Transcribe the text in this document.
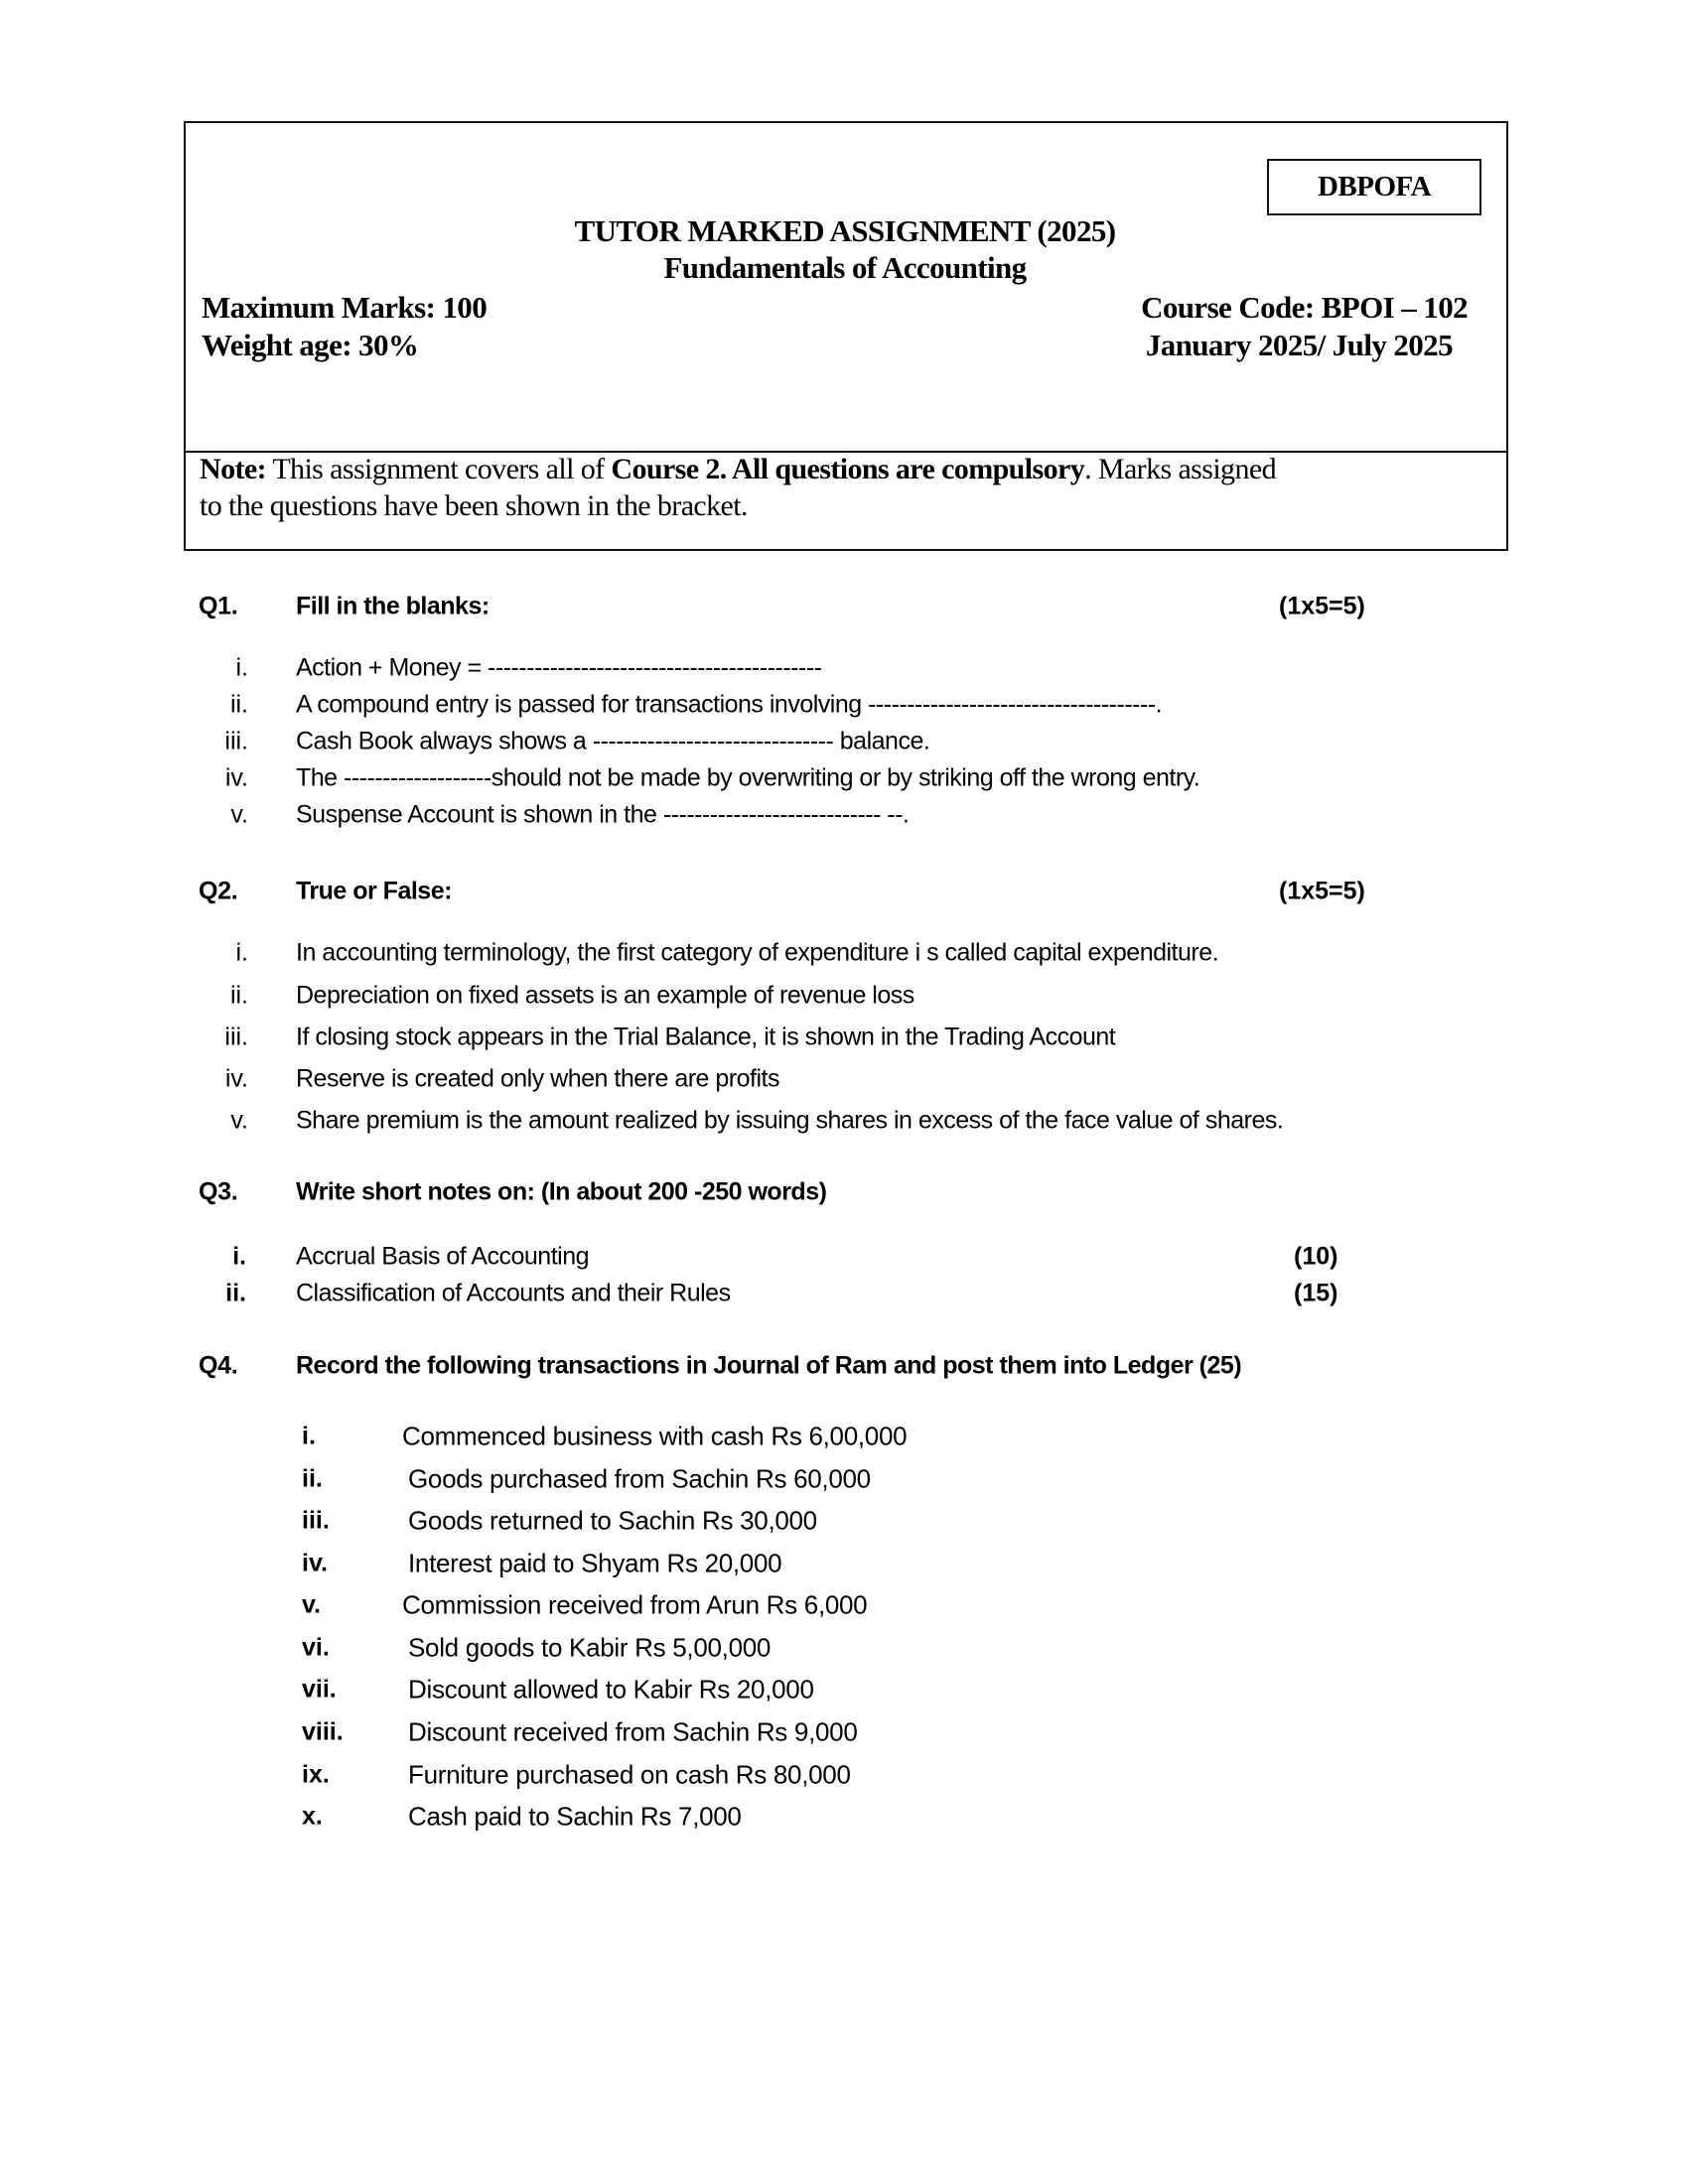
DBPOFA
TUTOR MARKED ASSIGNMENT (2025)
Fundamentals of Accounting
Maximum Marks: 100
Weight age: 30%
Course Code: BPOI – 102
January 2025/ July 2025
Note: This assignment covers all of Course 2. All questions are compulsory. Marks assigned
to the questions have been shown in the bracket.
Q1. Fill in the blanks:	(1x5=5)
i. Action + Money = -------------------------------------------
ii. A compound entry is passed for transactions involving -------------------------------------.
iii. Cash Book always shows a ------------------------------- balance.
iv. The -------------------should not be made by overwriting or by striking off the wrong entry.
v. Suspense Account is shown in the ---------------------------- --.
Q2. True or False:	(1x5=5)
i. In accounting terminology, the first category of expenditure i s called capital expenditure.
ii. Depreciation on fixed assets is an example of revenue loss
iii. If closing stock appears in the Trial Balance, it is shown in the Trading Account
iv. Reserve is created only when there are profits
v. Share premium is the amount realized by issuing shares in excess of the face value of shares.
Q3. Write short notes on: (In about 200 -250 words)
i. Accrual Basis of Accounting	(10)
ii. Classification of Accounts and their Rules	(15)
Q4. Record the following transactions in Journal of Ram and post them into Ledger (25)
i.	Commenced business with cash Rs 6,00,000
ii.	Goods purchased from Sachin Rs 60,000
iii.	Goods returned to Sachin Rs 30,000
iv.	Interest paid to Shyam Rs 20,000
v.	Commission received from Arun Rs 6,000
vi.	Sold goods to Kabir Rs 5,00,000
vii.	Discount allowed to Kabir Rs 20,000
viii.	Discount received from Sachin Rs 9,000
ix.	Furniture purchased on cash Rs 80,000
x.	Cash paid to Sachin Rs 7,000
